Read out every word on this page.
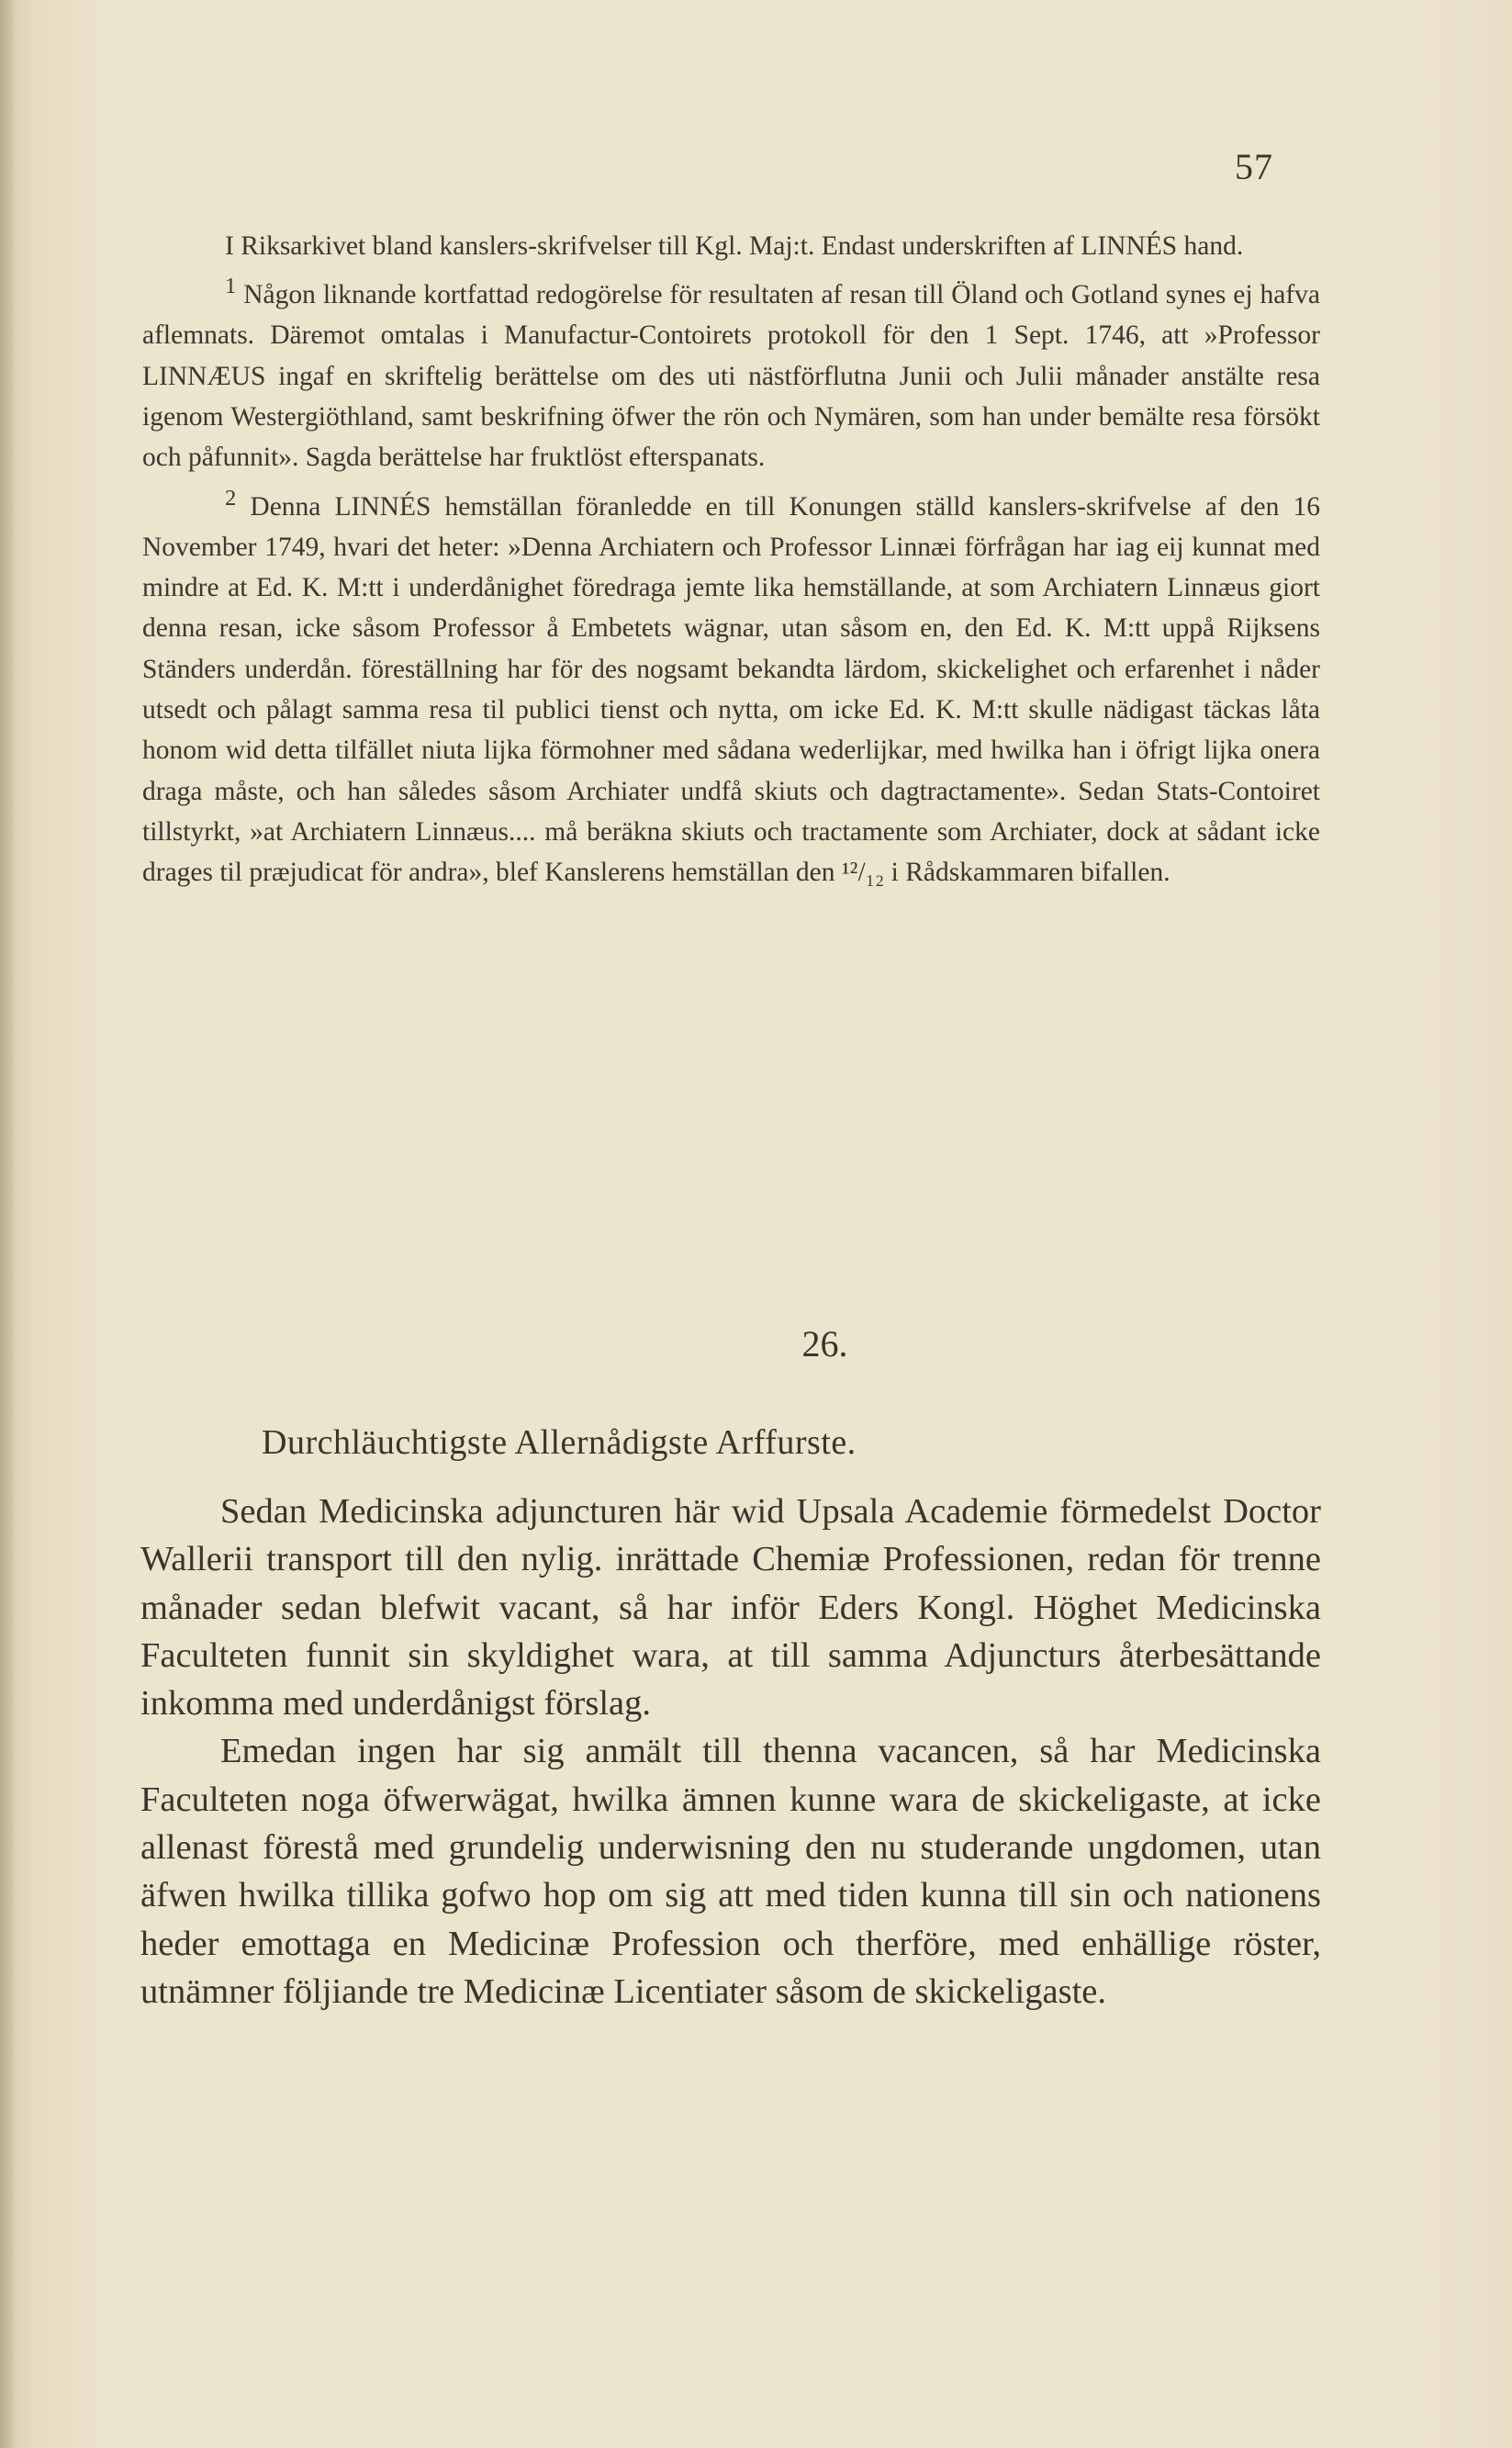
57

I Riksarkivet bland kanslers-skrifvelser till Kgl. Maj:t. Endast underskriften af LINNÉS hand.

$^1$ Någon liknande kortfattad redogörelse för resultaten af resan till Öland och Gotland synes ej hafva aflemnats. Däremot omtalas i Manufactur-Contoirets protokoll för den 1 Sept. 1746, att »Professor LINNÆUS ingaf en skriftelig berättelse om des uti nästförflutna Junii och Julii månader anstälte resa igenom Westergiöthland, samt beskrifning öfwer the rön och Nymären, som han under bemälte resa försökt och påfunnit». Sagda berättelse har fruktlöst efterspanats.

$^2$ Denna LINNÉS hemställan föranledde en till Konungen ställd kanslers-skrifvelse af den 16 November 1749, hvari det heter: »Denna Archiatern och Professor Linnæi förfrågan har iag eij kunnat med mindre at Ed. K. M:tt i underdånighet föredraga jemte lika hemställande, at som Archiatern Linnæus giort denna resan, icke såsom Professor å Embetets wägnar, utan såsom en, den Ed. K. M:tt uppå Rijksens Ständers underdån. föreställning har för des nogsamt bekandta lärdom, skickelighet och erfarenhet i nåder utsedt och pålagt samma resa til publici tienst och nytta, om icke Ed. K. M:tt skulle nädigast täckas låta honom wid detta tilfället niuta lijka förmohner med sådana wederlijkar, med hwilka han i öfrigt lijka onera draga måste, och han således såsom Archiater undfå skiuts och dagtractamente». Sedan Stats-Contoiret tillstyrkt, »at Archiatern Linnæus.... må beräkna skiuts och tractamente som Archiater, dock at sådant icke drages til præjudicat för andra», blef Kanslerens hemställan den ¹²/₁₂ i Rådskammaren bifallen.

26.
Durchläuchtigste Allernådigste Arffurste.

Sedan Medicinska adjuncturen här wid Upsala Academie förmedelst Doctor Wallerii transport till den nylig. inrättade Chemiæ Professionen, redan för trenne månader sedan blefwit vacant, så har inför Eders Kongl. Höghet Medicinska Faculteten funnit sin skyldighet wara, at till samma Adjuncturs återbesättande inkomma med underdånigst förslag.

Emedan ingen har sig anmält till thenna vacancen, så har Medicinska Faculteten noga öfwerwägat, hwilka ämnen kunne wara de skickeligaste, at icke allenast förestå med grundelig underwisning den nu studerande ungdomen, utan äfwen hwilka tillika gofwo hop om sig att med tiden kunna till sin och nationens heder emottaga en Medicinæ Profession och therföre, med enhällige röster, utnämner följiande tre Medicinæ Licentiater såsom de skickeligaste.
